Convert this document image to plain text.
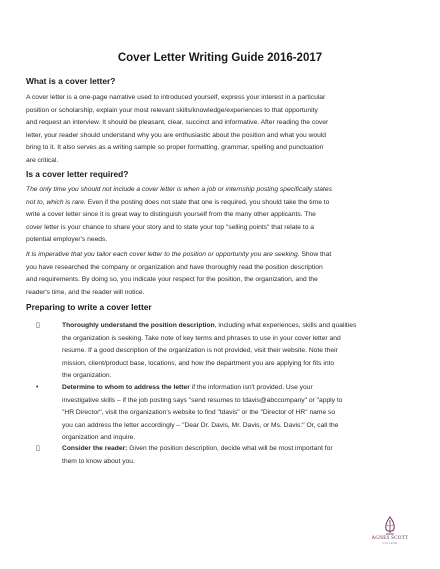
Cover Letter Writing Guide 2016-2017
What is a cover letter?
A cover letter is a one-page narrative used to introduced yourself, express your interest in a particular
position or scholarship, explain your most relevant skills/knowledge/experiences to that opportunity
and request an interview. It should be pleasant, clear, succinct and informative. After reading the cover
letter, your reader should understand why you are enthusiastic about the position and what you would
bring to it. It also serves as a writing sample so proper formatting, grammar, spelling and punctuation
are critical.
Is a cover letter required?
The only time you should not include a cover letter is when a job or internship posting specifically states
not to, which is rare. Even if the posting does not state that one is required, you should take the time to
write a cover letter since it is great way to distinguish yourself from the many other applicants. The
cover letter is your chance to share your story and to state your top "selling points" that relate to a
potential employer's needs.
It is imperative that you tailor each cover letter to the position or opportunity you are seeking. Show that
you have researched the company or organization and have thoroughly read the position description
and requirements. By doing so, you indicate your respect for the position, the organization, and the
reader's time, and the reader will notice.
Preparing to write a cover letter
▯	Thoroughly understand the position description, including what experiences, skills and qualities
the organization is seeking. Take note of key terms and phrases to use in your cover letter and
resume. If a good description of the organization is not provided, visit their website. Note their
mission, client/product base, locations, and how the department you are applying for fits into
the organization.
•	Determine to whom to address the letter if the information isn't provided. Use your
investigative skills – if the job posting says "send resumes to tdavis@abccompany" or "apply to
"HR Director", visit the organization's website to find "tdavis" or the "Director of HR" name so
you can address the letter accordingly – "Dear Dr. Davis, Mr. Davis, or Ms. Davis:" Or, call the
organization and inquire.
▯	Consider the reader: Given the position description, decide what will be most important for
them to know about you.
AGNES SCOTT
COLLEGE
